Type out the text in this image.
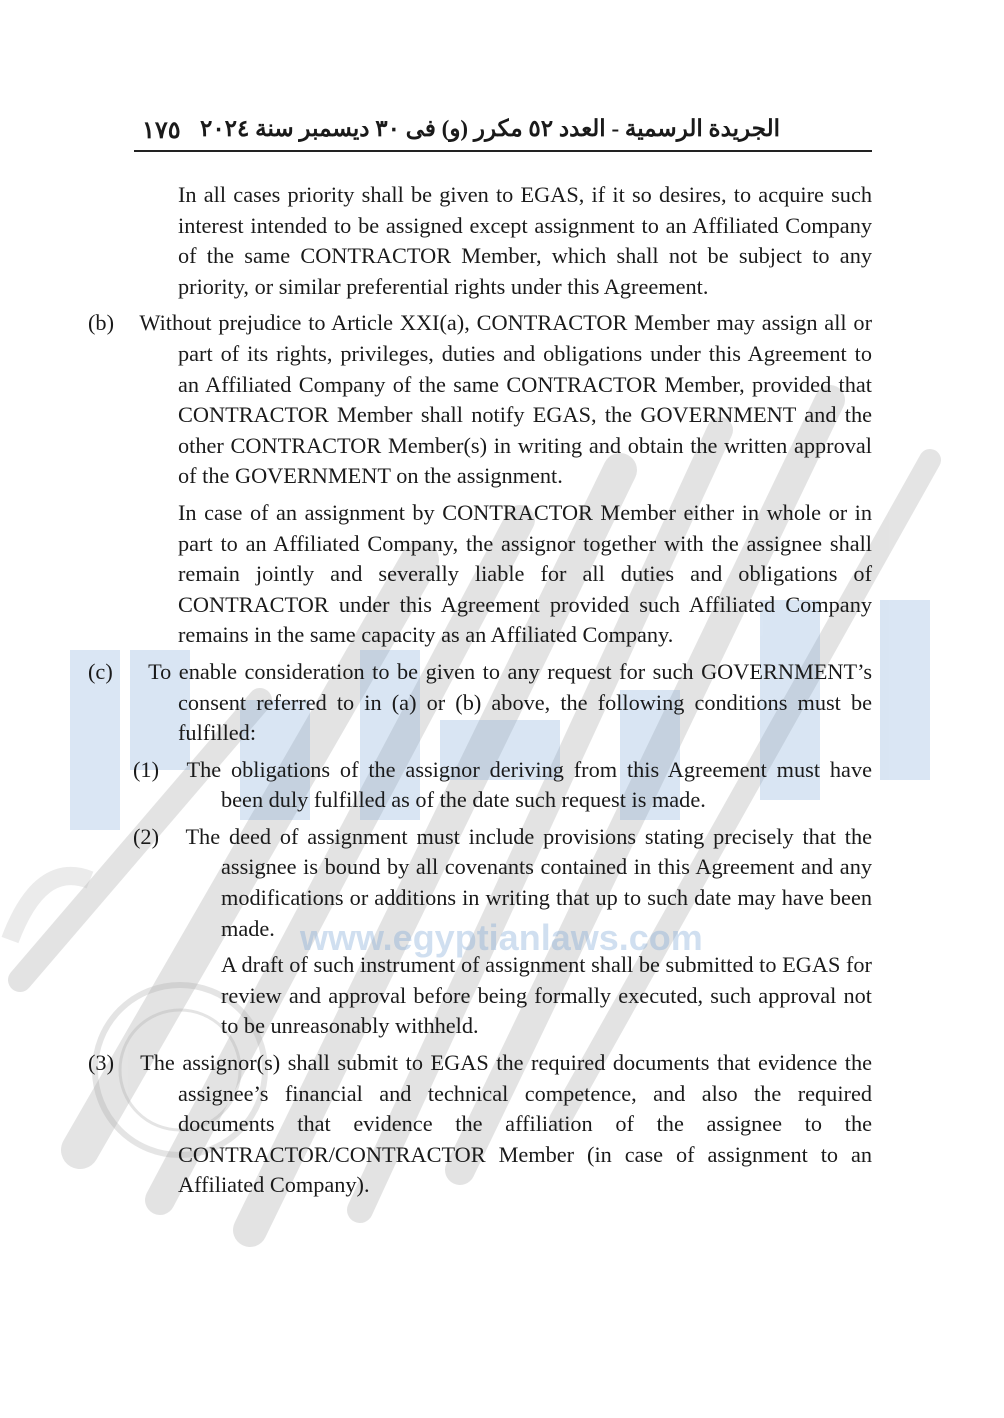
www.egyptianlaws.com
١٧٥ الجريدة الرسمية - العدد ٥٢ مكرر (و) فى ٣٠ ديسمبر سنة ٢٠٢٤

In all cases priority shall be given to EGAS, if it so desires, to acquire such interest intended to be assigned except assignment to an Affiliated Company of the same CONTRACTOR Member, which shall not be subject to any priority, or similar preferential rights under this Agreement.

(b) Without prejudice to Article XXI(a), CONTRACTOR Member may assign all or part of its rights, privileges, duties and obligations under this Agreement to an Affiliated Company of the same CONTRACTOR Member, provided that CONTRACTOR Member shall notify EGAS, the GOVERNMENT and the other CONTRACTOR Member(s) in writing and obtain the written approval of the GOVERNMENT on the assignment.

In case of an assignment by CONTRACTOR Member either in whole or in part to an Affiliated Company, the assignor together with the assignee shall remain jointly and severally liable for all duties and obligations of CONTRACTOR under this Agreement provided such Affiliated Company remains in the same capacity as an Affiliated Company.

(c) To enable consideration to be given to any request for such GOVERNMENT’s consent referred to in (a) or (b) above, the following conditions must be fulfilled:

(1) The obligations of the assignor deriving from this Agreement must have been duly fulfilled as of the date such request is made.

(2) The deed of assignment must include provisions stating precisely that the assignee is bound by all covenants contained in this Agreement and any modifications or additions in writing that up to such date may have been made.

A draft of such instrument of assignment shall be submitted to EGAS for review and approval before being formally executed, such approval not to be unreasonably withheld.

(3) The assignor(s) shall submit to EGAS the required documents that evidence the assignee’s financial and technical competence, and also the required documents that evidence the affiliation of the assignee to the CONTRACTOR/CONTRACTOR Member (in case of assignment to an Affiliated Company).
